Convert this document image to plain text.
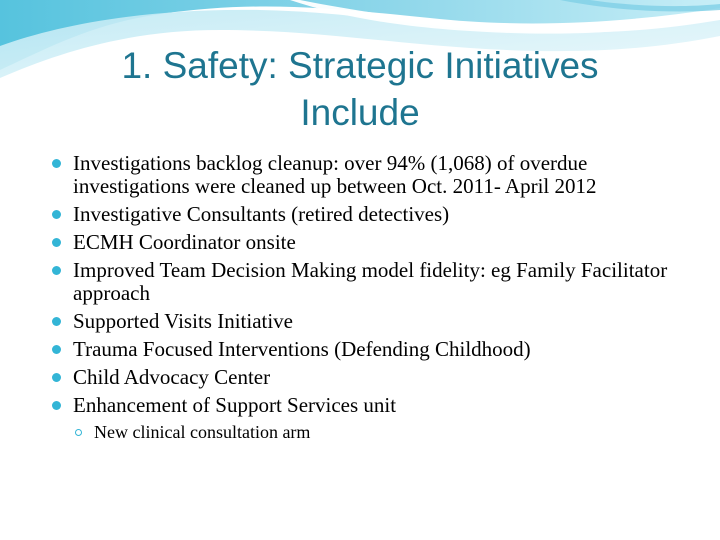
1. Safety: Strategic Initiatives
Include
Investigations backlog cleanup: over 94% (1,068) of overdue investigations were cleaned up between Oct. 2011- April 2012
Investigative Consultants (retired detectives)
ECMH Coordinator onsite
Improved Team Decision Making model fidelity: eg Family Facilitator approach
Supported Visits Initiative
Trauma Focused Interventions (Defending Childhood)
Child Advocacy Center
Enhancement of Support Services unit
New clinical consultation arm
